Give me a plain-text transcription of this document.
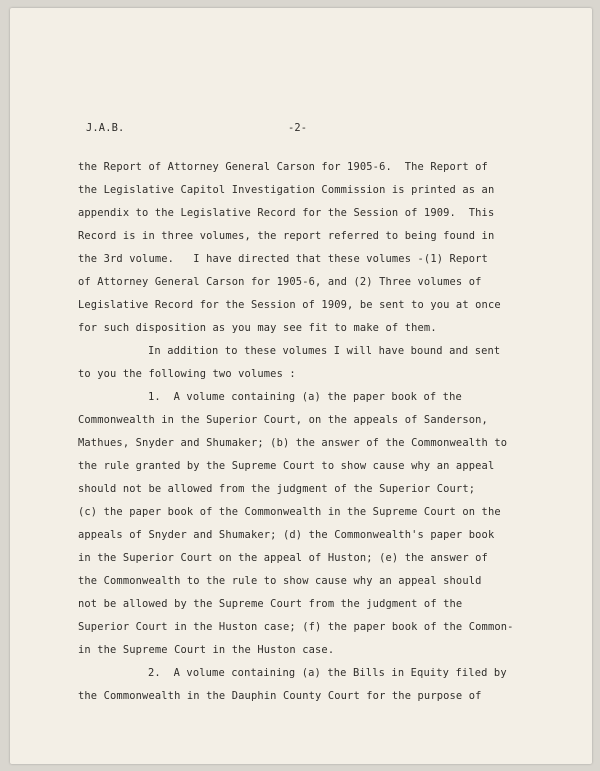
J.A.B.	-2-
the Report of Attorney General Carson for 1905-6.  The Report of
the Legislative Capitol Investigation Commission is printed as an
appendix to the Legislative Record for the Session of 1909.  This
Record is in three volumes, the report referred to being found in
the 3rd volume.   I have directed that these volumes -(1) Report
of Attorney General Carson for 1905-6, and (2) Three volumes of
Legislative Record for the Session of 1909, be sent to you at once
for such disposition as you may see fit to make of them.
In addition to these volumes I will have bound and sent
to you the following two volumes :
1.  A volume containing (a) the paper book of the
Commonwealth in the Superior Court, on the appeals of Sanderson,
Mathues, Snyder and Shumaker; (b) the answer of the Commonwealth to
the rule granted by the Supreme Court to show cause why an appeal
should not be allowed from the judgment of the Superior Court;
(c) the paper book of the Commonwealth in the Supreme Court on the
appeals of Snyder and Shumaker; (d) the Commonwealth's paper book
in the Superior Court on the appeal of Huston; (e) the answer of
the Commonwealth to the rule to show cause why an appeal should
not be allowed by the Supreme Court from the judgment of the
Superior Court in the Huston case; (f) the paper book of the Common-
in the Supreme Court in the Huston case.
2.  A volume containing (a) the Bills in Equity filed by
the Commonwealth in the Dauphin County Court for the purpose of
